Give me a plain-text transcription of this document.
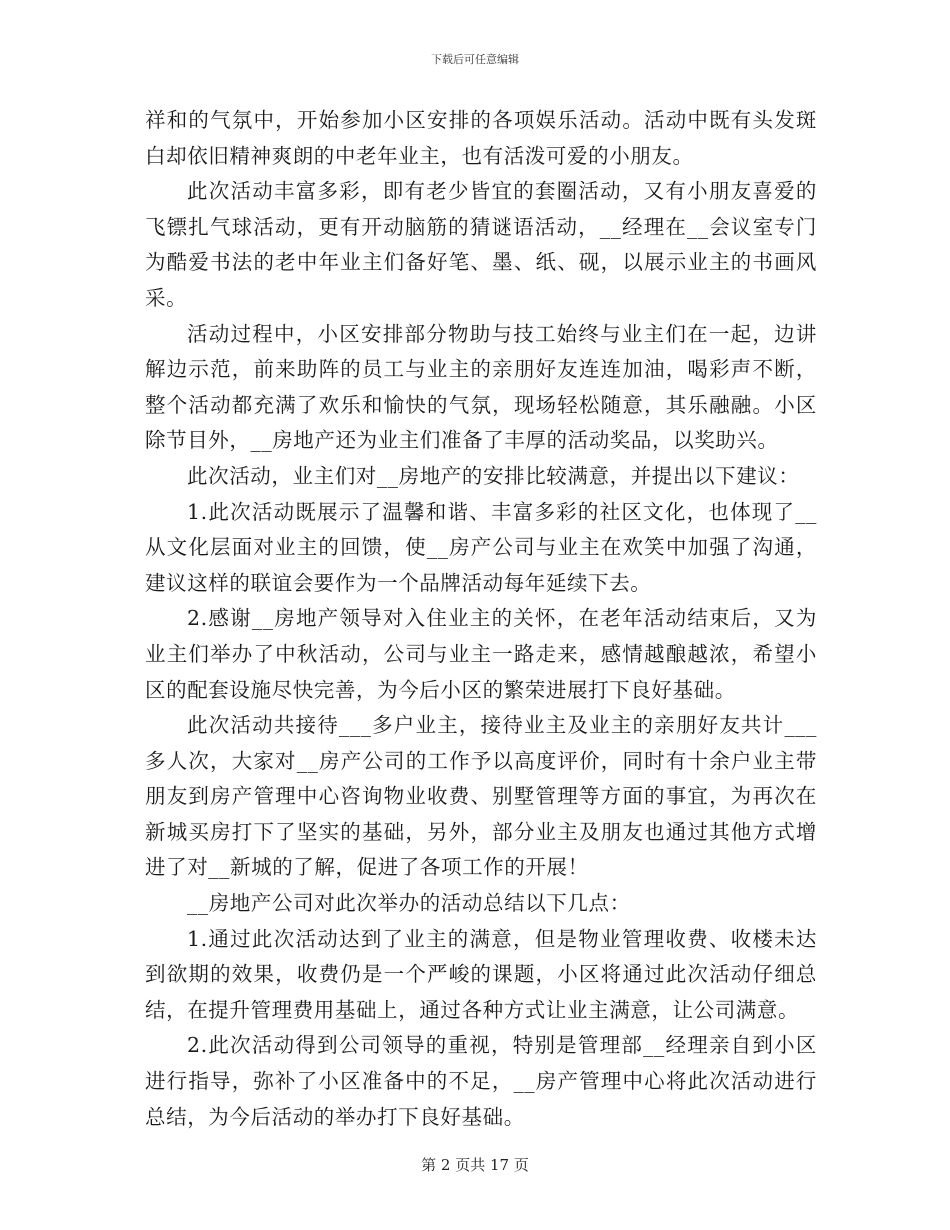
下载后可任意编辑

祥和的气氛中，开始参加小区安排的各项娱乐活动。活动中既有头发斑白却依旧精神爽朗的中老年业主，也有活泼可爱的小朋友。

此次活动丰富多彩，即有老少皆宜的套圈活动，又有小朋友喜爱的飞镖扎气球活动，更有开动脑筋的猜谜语活动，__经理在__会议室专门为酷爱书法的老中年业主们备好笔、墨、纸、砚，以展示业主的书画风采。

活动过程中，小区安排部分物助与技工始终与业主们在一起，边讲解边示范，前来助阵的员工与业主的亲朋好友连连加油，喝彩声不断，整个活动都充满了欢乐和愉快的气氛，现场轻松随意，其乐融融。小区除节目外，__房地产还为业主们准备了丰厚的活动奖品，以奖助兴。

此次活动，业主们对__房地产的安排比较满意，并提出以下建议：

1.此次活动既展示了温馨和谐、丰富多彩的社区文化，也体现了__从文化层面对业主的回馈，使__房产公司与业主在欢笑中加强了沟通，建议这样的联谊会要作为一个品牌活动每年延续下去。

2.感谢__房地产领导对入住业主的关怀，在老年活动结束后，又为业主们举办了中秋活动，公司与业主一路走来，感情越酿越浓，希望小区的配套设施尽快完善，为今后小区的繁荣进展打下良好基础。

此次活动共接待___多户业主，接待业主及业主的亲朋好友共计___多人次，大家对__房产公司的工作予以高度评价，同时有十余户业主带朋友到房产管理中心咨询物业收费、别墅管理等方面的事宜，为再次在新城买房打下了坚实的基础，另外，部分业主及朋友也通过其他方式增进了对__新城的了解，促进了各项工作的开展！

__房地产公司对此次举办的活动总结以下几点：

1.通过此次活动达到了业主的满意，但是物业管理收费、收楼未达到欲期的效果，收费仍是一个严峻的课题，小区将通过此次活动仔细总结，在提升管理费用基础上，通过各种方式让业主满意，让公司满意。

2.此次活动得到公司领导的重视，特别是管理部__经理亲自到小区进行指导，弥补了小区准备中的不足，__房产管理中心将此次活动进行总结，为今后活动的举办打下良好基础。

第 2 页共 17 页
